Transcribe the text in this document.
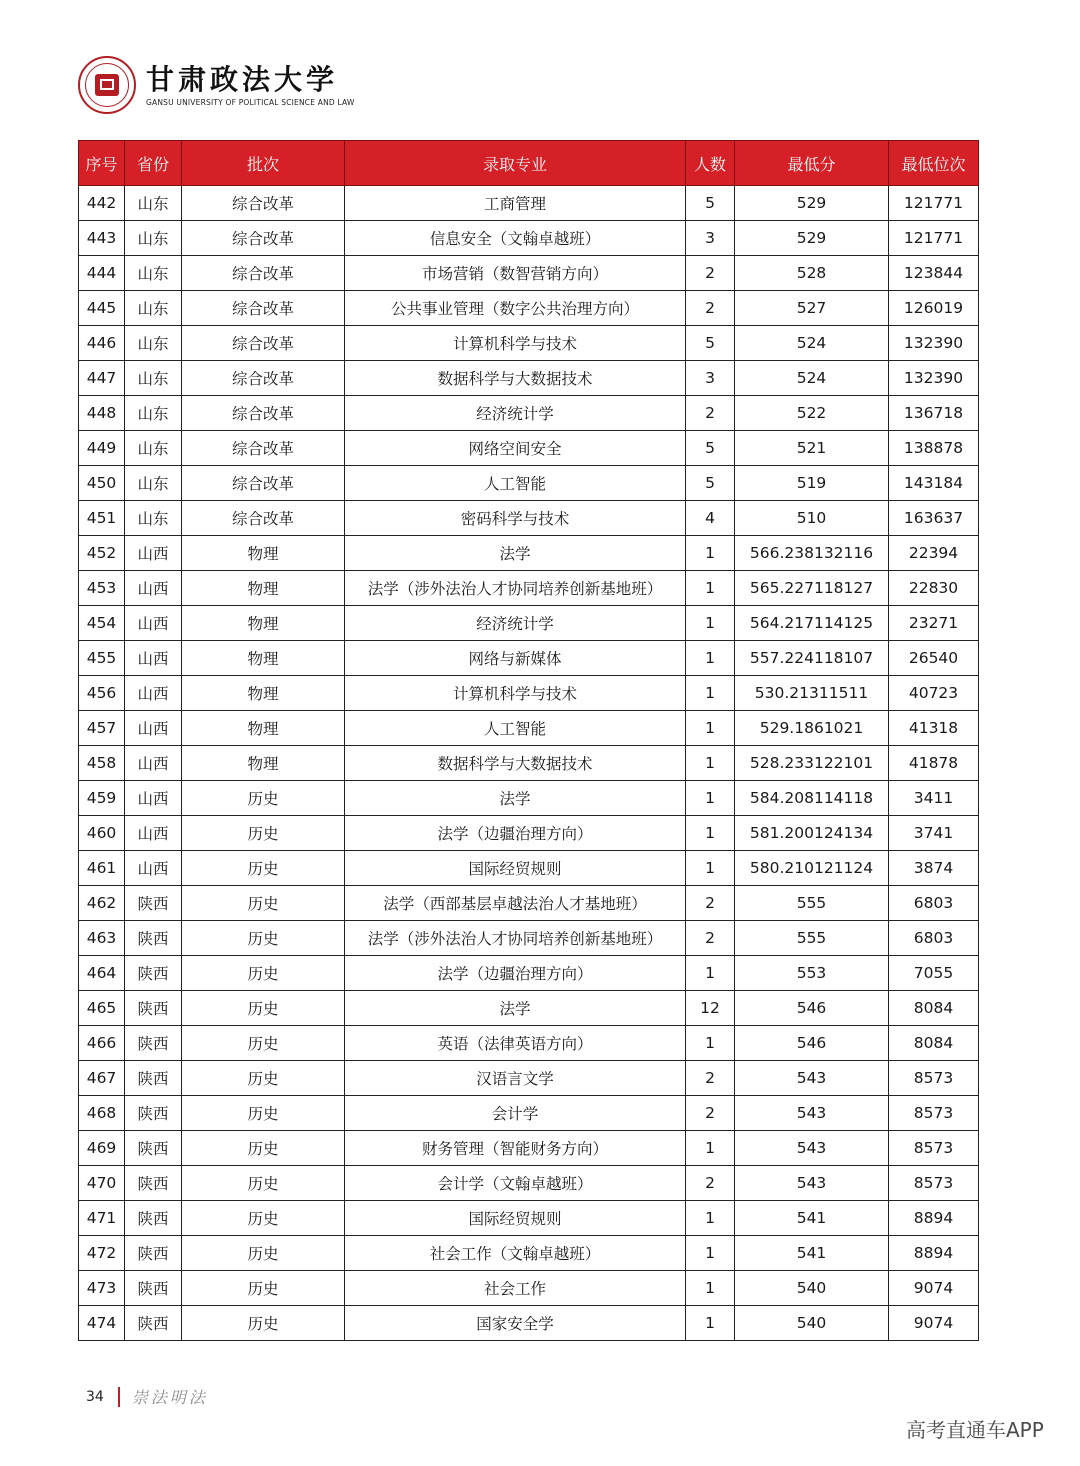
甘肃政法大学
GANSU UNIVERSITY OF POLITICAL SCIENCE AND LAW
序号	省份	批次	录取专业	人数	最低分	最低位次
442	山东	综合改革	工商管理	5	529	121771
443	山东	综合改革	信息安全（文翰卓越班）	3	529	121771
444	山东	综合改革	市场营销（数智营销方向）	2	528	123844
445	山东	综合改革	公共事业管理（数字公共治理方向）	2	527	126019
446	山东	综合改革	计算机科学与技术	5	524	132390
447	山东	综合改革	数据科学与大数据技术	3	524	132390
448	山东	综合改革	经济统计学	2	522	136718
449	山东	综合改革	网络空间安全	5	521	138878
450	山东	综合改革	人工智能	5	519	143184
451	山东	综合改革	密码科学与技术	4	510	163637
452	山西	物理	法学	1	566.238132116	22394
453	山西	物理	法学（涉外法治人才协同培养创新基地班）	1	565.227118127	22830
454	山西	物理	经济统计学	1	564.217114125	23271
455	山西	物理	网络与新媒体	1	557.224118107	26540
456	山西	物理	计算机科学与技术	1	530.21311511	40723
457	山西	物理	人工智能	1	529.1861021	41318
458	山西	物理	数据科学与大数据技术	1	528.233122101	41878
459	山西	历史	法学	1	584.208114118	3411
460	山西	历史	法学（边疆治理方向）	1	581.200124134	3741
461	山西	历史	国际经贸规则	1	580.210121124	3874
462	陕西	历史	法学（西部基层卓越法治人才基地班）	2	555	6803
463	陕西	历史	法学（涉外法治人才协同培养创新基地班）	2	555	6803
464	陕西	历史	法学（边疆治理方向）	1	553	7055
465	陕西	历史	法学	12	546	8084
466	陕西	历史	英语（法律英语方向）	1	546	8084
467	陕西	历史	汉语言文学	2	543	8573
468	陕西	历史	会计学	2	543	8573
469	陕西	历史	财务管理（智能财务方向）	1	543	8573
470	陕西	历史	会计学（文翰卓越班）	2	543	8573
471	陕西	历史	国际经贸规则	1	541	8894
472	陕西	历史	社会工作（文翰卓越班）	1	541	8894
473	陕西	历史	社会工作	1	540	9074
474	陕西	历史	国家安全学	1	540	9074
34 崇法明法
高考直通车APP
